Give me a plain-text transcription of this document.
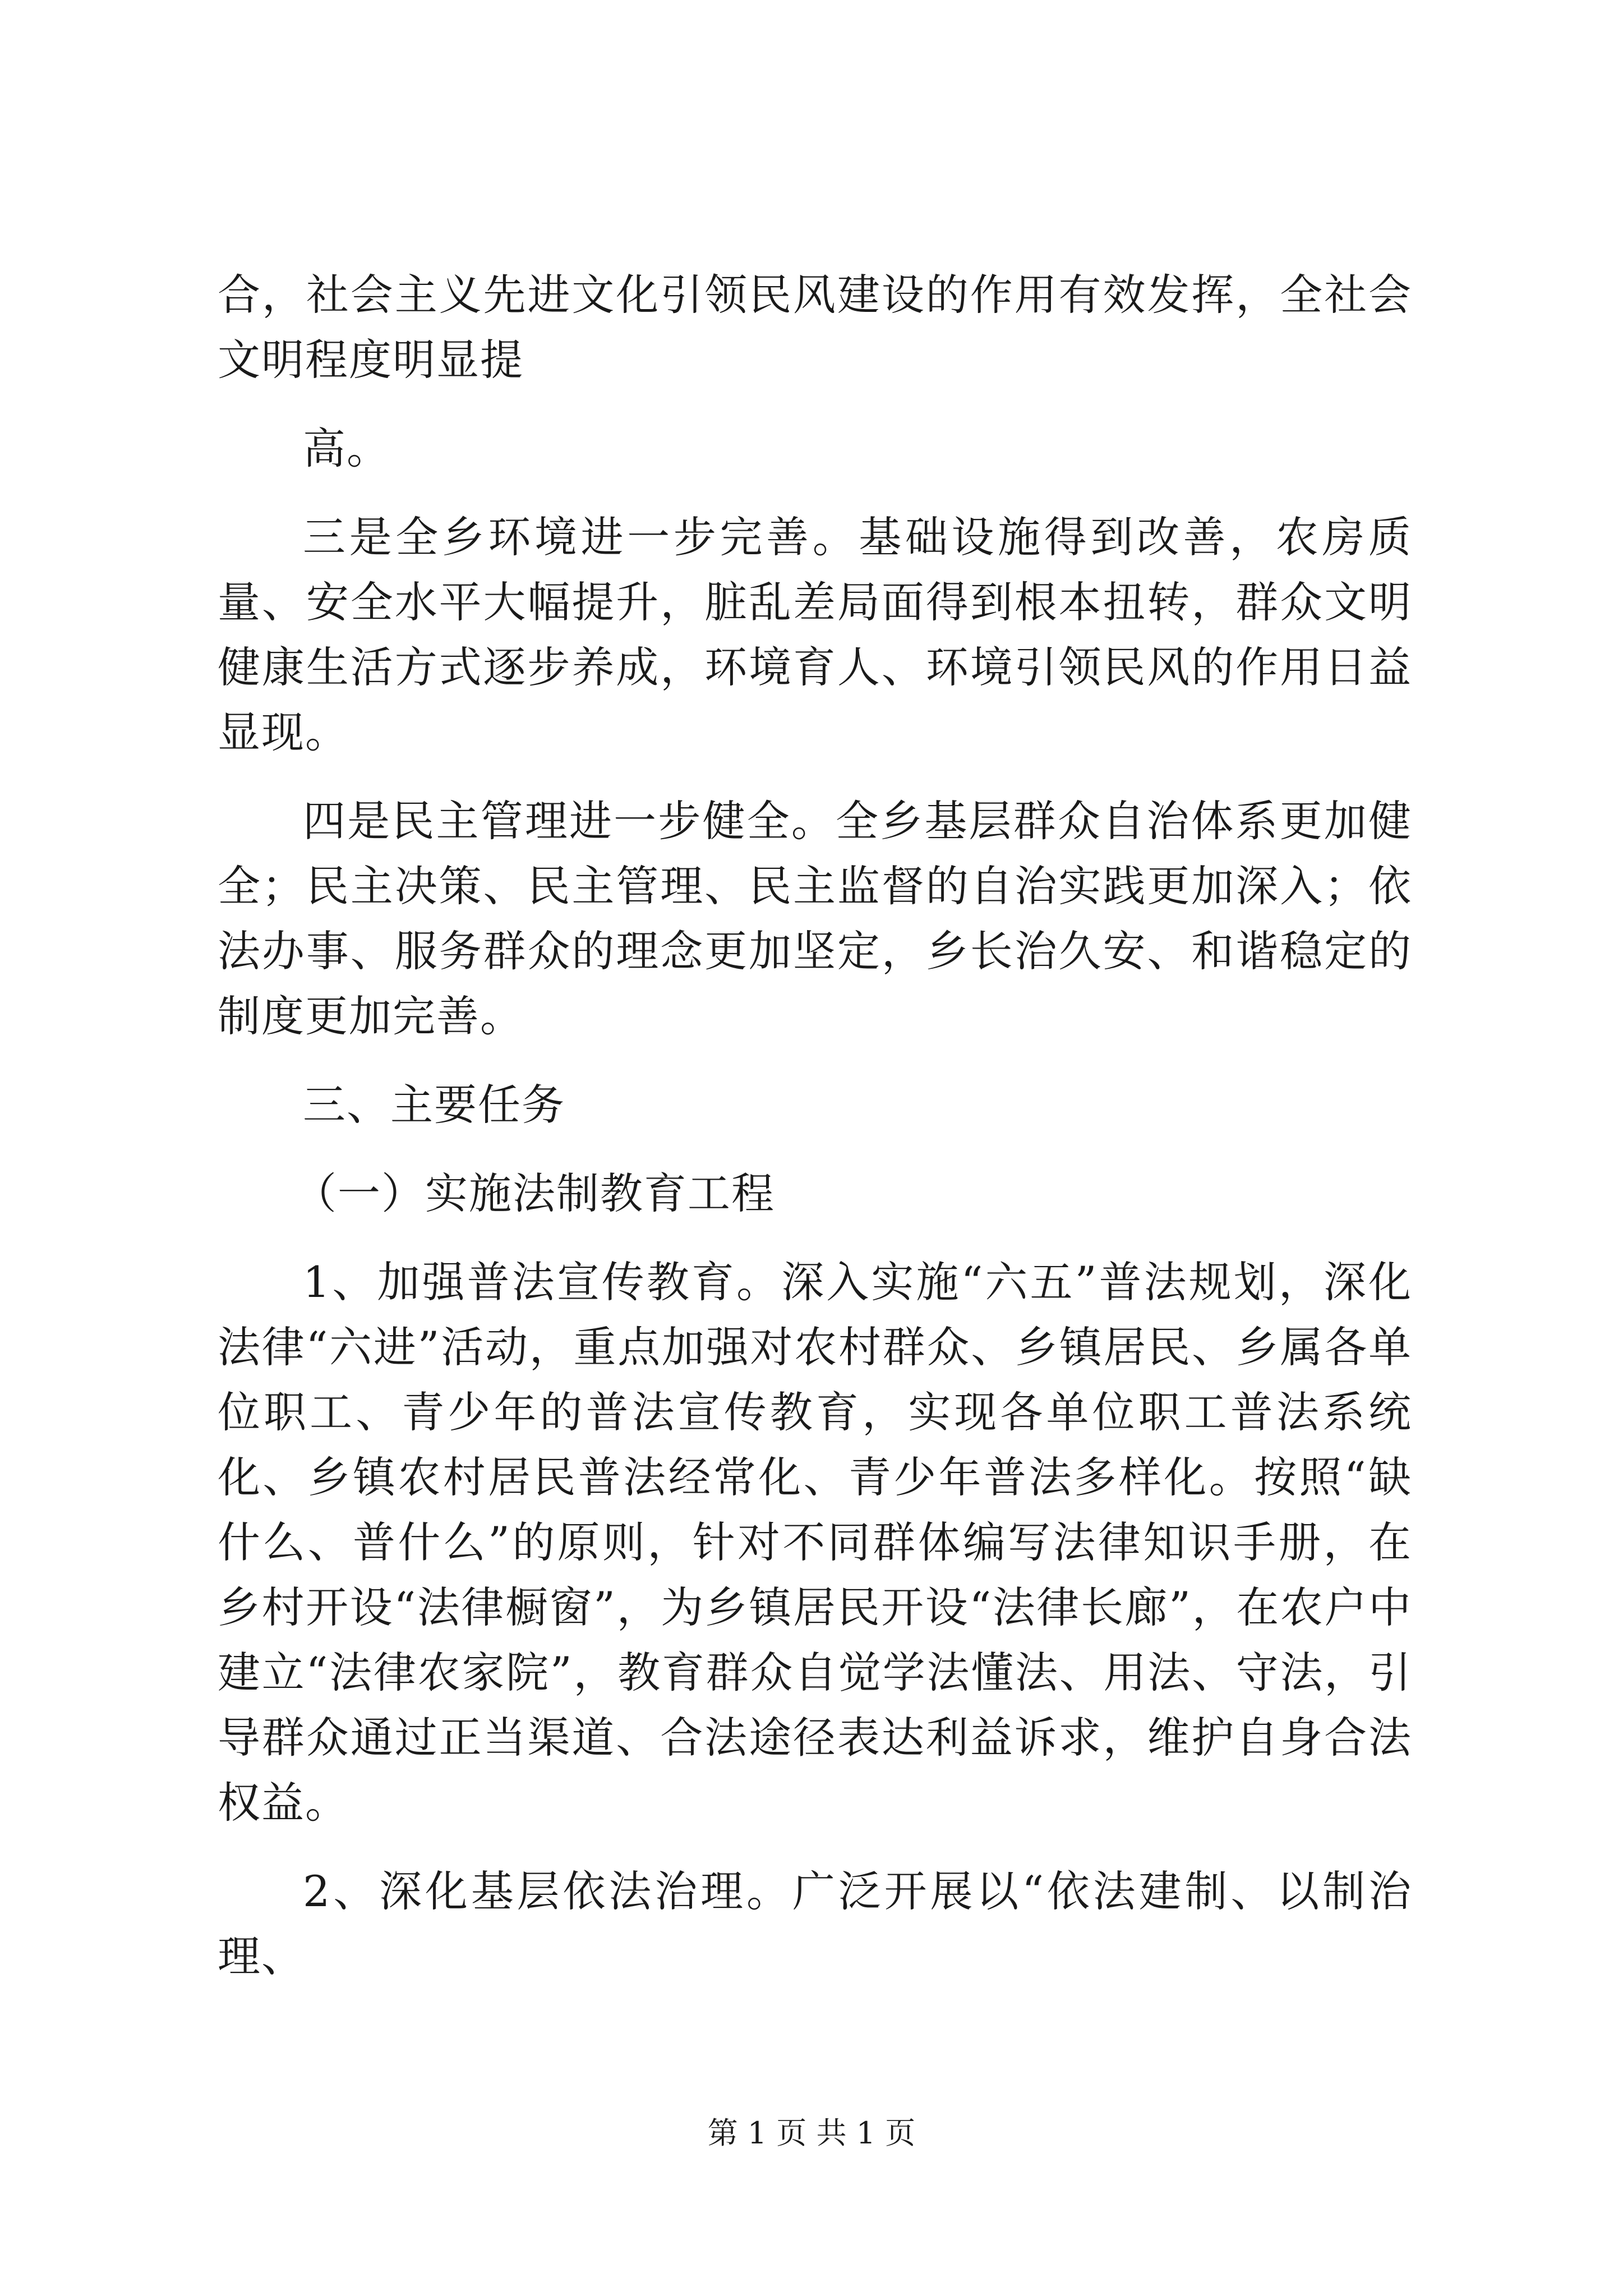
合，社会主义先进文化引领民风建设的作用有效发挥，全社会文明程度明显提

高。

三是全乡环境进一步完善。基础设施得到改善，农房质量、安全水平大幅提升，脏乱差局面得到根本扭转，群众文明健康生活方式逐步养成，环境育人、环境引领民风的作用日益显现。

四是民主管理进一步健全。全乡基层群众自治体系更加健全；民主决策、民主管理、民主监督的自治实践更加深入；依法办事、服务群众的理念更加坚定，乡长治久安、和谐稳定的制度更加完善。

三、主要任务

（一）实施法制教育工程

1、加强普法宣传教育。深入实施“六五”普法规划，深化法律“六进”活动，重点加强对农村群众、乡镇居民、乡属各单位职工、青少年的普法宣传教育，实现各单位职工普法系统化、乡镇农村居民普法经常化、青少年普法多样化。按照“缺什么、普什么”的原则，针对不同群体编写法律知识手册，在乡村开设“法律橱窗”，为乡镇居民开设“法律长廊”，在农户中建立“法律农家院”，教育群众自觉学法懂法、用法、守法，引导群众通过正当渠道、合法途径表达利益诉求，维护自身合法权益。

2、深化基层依法治理。广泛开展以“依法建制、以制治理、

第 1 页 共 1 页
